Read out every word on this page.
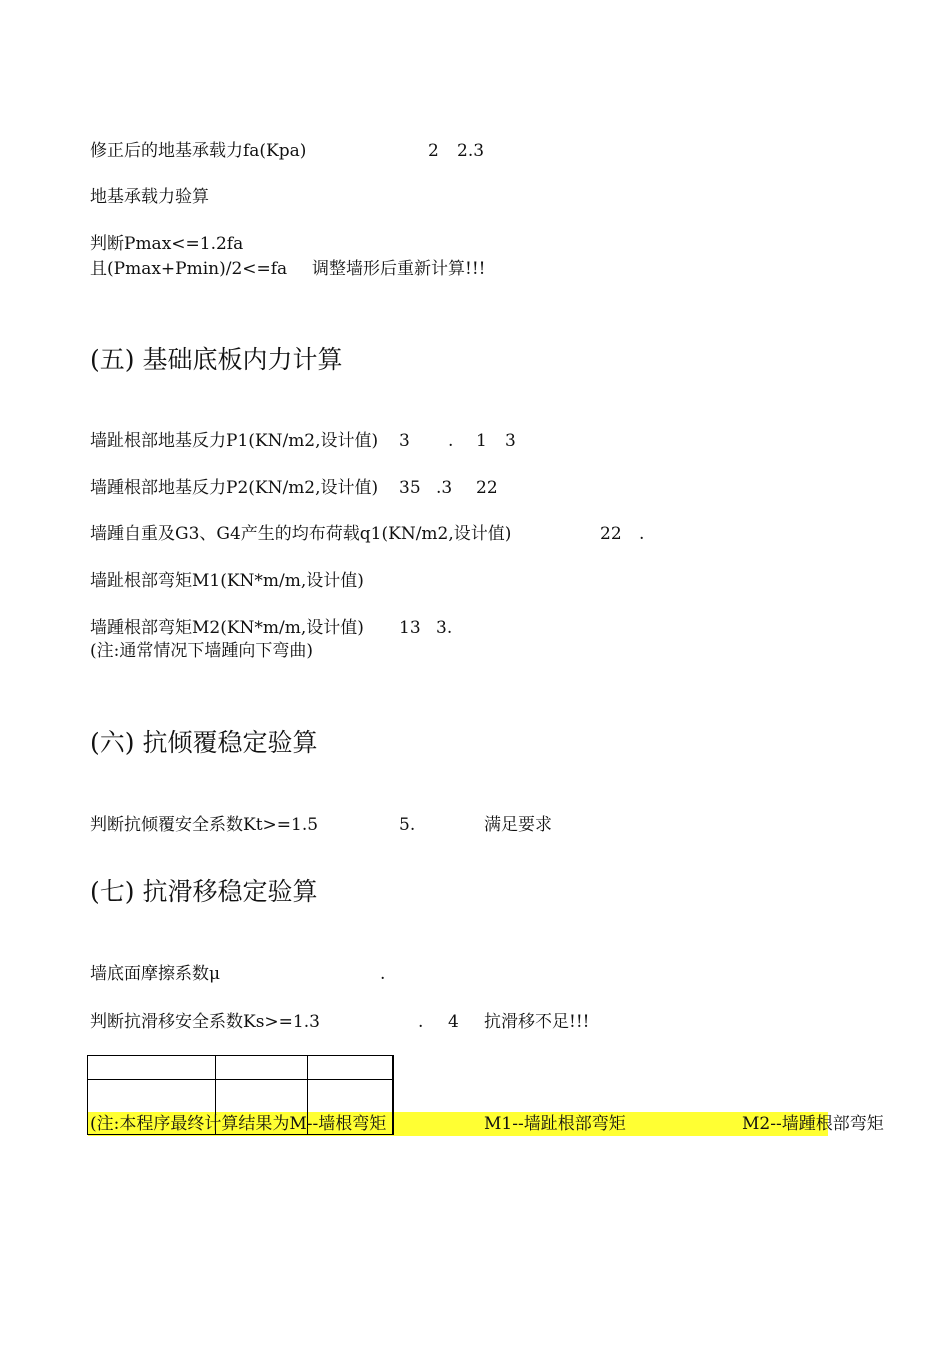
修正后的地基承载力fa(Kpa)	2 2.3
地基承载力验算
判断Pmax<=1.2fa
且(Pmax+Pmin)/2<=fa 调整墙形后重新计算!!!
(五) 基础底板内力计算
墙趾根部地基反力P1(KN/m2,设计值) 3 . 1 3
墙踵根部地基反力P2(KN/m2,设计值) 35 .3 22
墙踵自重及G3、G4产生的均布荷载q1(KN/m2,设计值)	22 .
墙趾根部弯矩M1(KN*m/m,设计值)
墙踵根部弯矩M2(KN*m/m,设计值) 13 3.
(注:通常情况下墙踵向下弯曲)
(六) 抗倾覆稳定验算
判断抗倾覆安全系数Kt>=1.5	5.	满足要求
(七) 抗滑移稳定验算
墙底面摩擦系数μ	.
判断抗滑移安全系数Ks>=1.3	. 4 抗滑移不足!!!
(注:本程序最终计算结果为M--墙根弯矩	M1--墙趾根部弯矩	M2--墙踵根部弯矩
